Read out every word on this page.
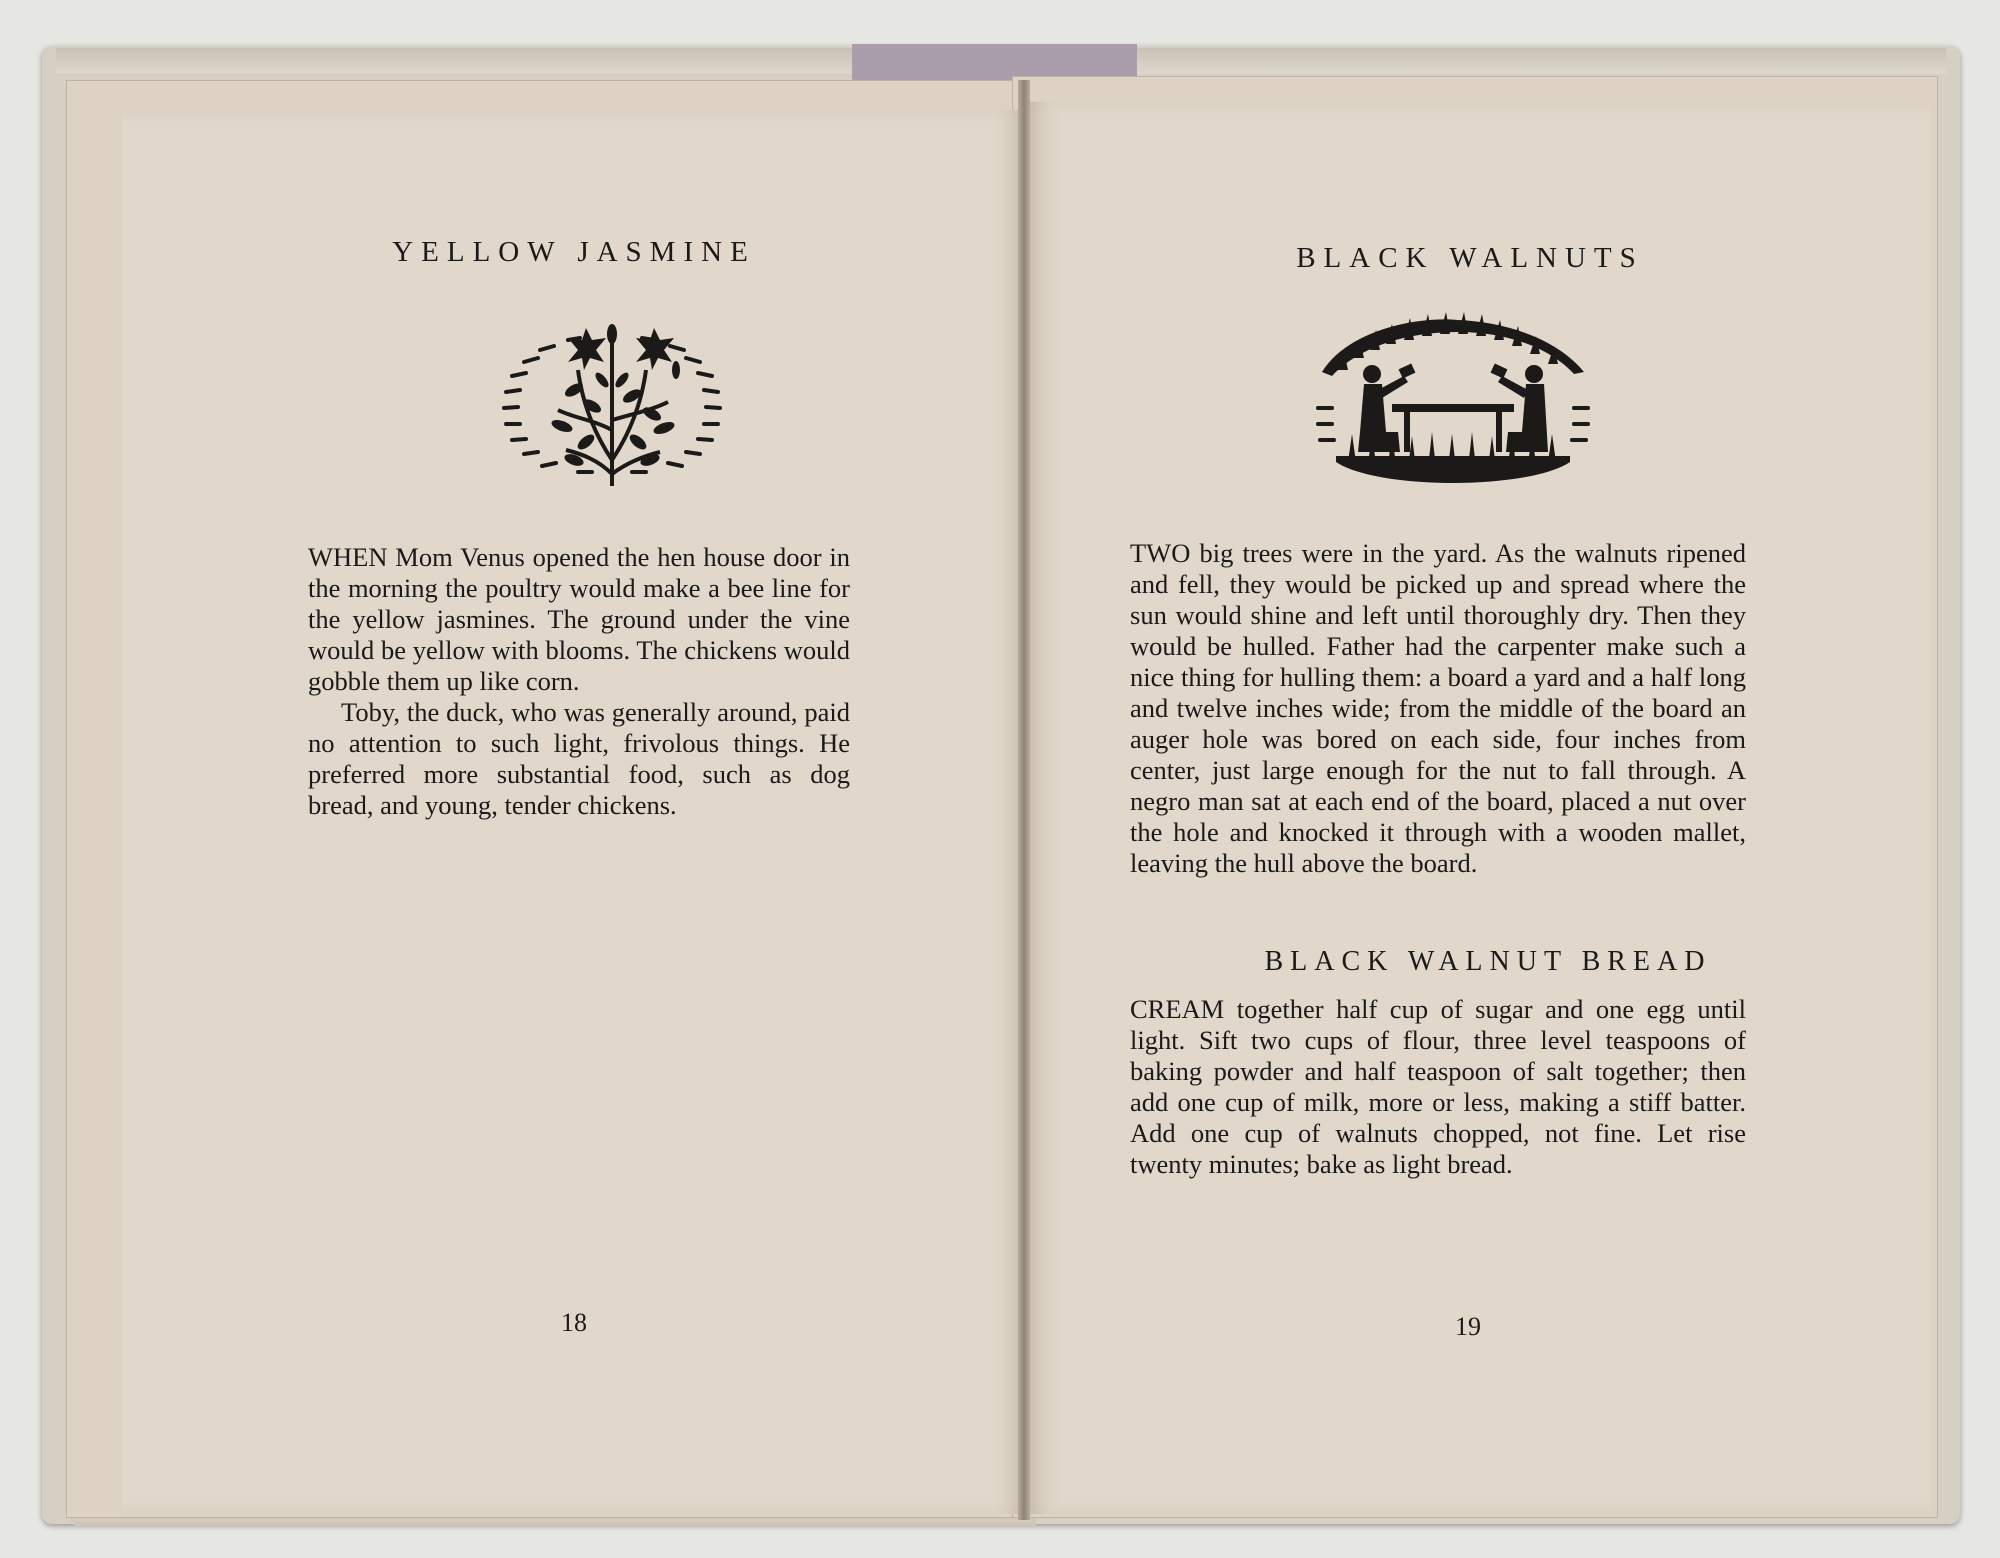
YELLOW JASMINE

WHEN Mom Venus opened the hen house door in the morning the poultry would make a bee line for the yellow jasmines. The ground under the vine would be yellow with blooms. The chickens would gobble them up like corn.

Toby, the duck, who was generally around, paid no attention to such light, frivolous things. He preferred more substantial food, such as dog bread, and young, tender chickens.

18

BLACK WALNUTS

TWO big trees were in the yard. As the walnuts ripened and fell, they would be picked up and spread where the sun would shine and left until thoroughly dry. Then they would be hulled. Father had the carpenter make such a nice thing for hulling them: a board a yard and a half long and twelve inches wide; from the middle of the board an auger hole was bored on each side, four inches from center, just large enough for the nut to fall through. A negro man sat at each end of the board, placed a nut over the hole and knocked it through with a wooden mallet, leaving the hull above the board.

BLACK WALNUT BREAD

CREAM together half cup of sugar and one egg until light. Sift two cups of flour, three level teaspoons of baking powder and half teaspoon of salt together; then add one cup of milk, more or less, making a stiff batter. Add one cup of walnuts chopped, not fine. Let rise twenty minutes; bake as light bread.

19
